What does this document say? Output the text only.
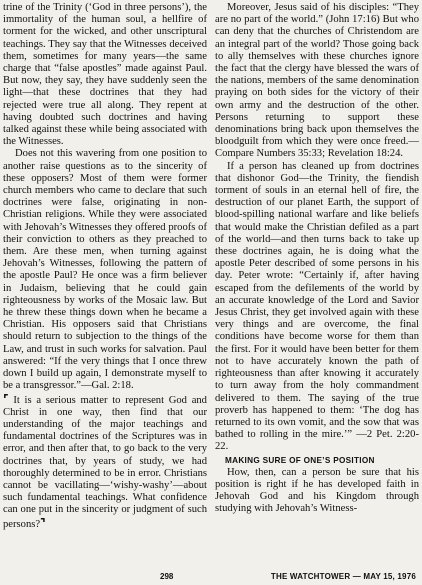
trine of the Trinity (‘God in three persons’), the immortality of the human soul, a hellfire of torment for the wicked, and other unscriptural teachings. They say that the Witnesses deceived them, sometimes for many years—the same charge that “false apostles” made against Paul. But now, they say, they have suddenly seen the light—that these doctrines that they had rejected were true all along. They repent at having doubted such doctrines and having talked against these while being associated with the Witnesses.

Does not this wavering from one position to another raise questions as to the sincerity of these opposers? Most of them were former church members who came to declare that such doctrines were false, originating in non-Christian religions. While they were associated with Jehovah’s Witnesses they offered proofs of their conviction to others as they preached to them. Are these men, when turning against Jehovah’s Witnesses, following the pattern of the apostle Paul? He once was a firm believer in Judaism, believing that he could gain righteousness by works of the Mosaic law. But he threw these things down when he became a Christian. His opposers said that Christians should return to subjection to the things of the Law, and trust in such works for salvation. Paul answered: “If the very things that I once threw down I build up again, I demonstrate myself to be a transgressor.”—Gal. 2:18.

⌜ It is a serious matter to represent God and Christ in one way, then find that our understanding of the major teachings and fundamental doctrines of the Scriptures was in error, and then after that, to go back to the very doctrines that, by years of study, we had thoroughly determined to be in error. Christians cannot be vacillating—‘wishy-washy’—about such fundamental teachings. What confidence can one put in the sincerity or judgment of such persons?⌝

Moreover, Jesus said of his disciples: “They are no part of the world.” (John 17:16) But who can deny that the churches of Christendom are an integral part of the world? Those going back to ally themselves with these churches ignore the fact that the clergy have blessed the wars of the nations, members of the same denomination praying on both sides for the victory of their own army and the destruction of the other. Persons returning to support these denominations bring back upon themselves the bloodguilt from which they were once freed.—Compare Numbers 35:33; Revelation 18:24.

If a person has cleaned up from doctrines that dishonor God—the Trinity, the fiendish torment of souls in an eternal hell of fire, the destruction of our planet Earth, the support of blood-spilling national warfare and like beliefs that would make the Christian defiled as a part of the world—and then turns back to take up these doctrines again, he is doing what the apostle Peter described of some persons in his day. Peter wrote: “Certainly if, after having escaped from the defilements of the world by an accurate knowledge of the Lord and Savior Jesus Christ, they get involved again with these very things and are overcome, the final conditions have become worse for them than the first. For it would have been better for them not to have accurately known the path of righteousness than after knowing it accurately to turn away from the holy commandment delivered to them. The saying of the true proverb has happened to them: ‘The dog has returned to its own vomit, and the sow that was bathed to rolling in the mire.’” —2 Pet. 2:20-22.

MAKING SURE OF ONE’S POSITION

How, then, can a person be sure that his position is right if he has developed faith in Jehovah God and his Kingdom through studying with Jehovah’s Witness-

298	THE WATCHTOWER — MAY 15, 1976
